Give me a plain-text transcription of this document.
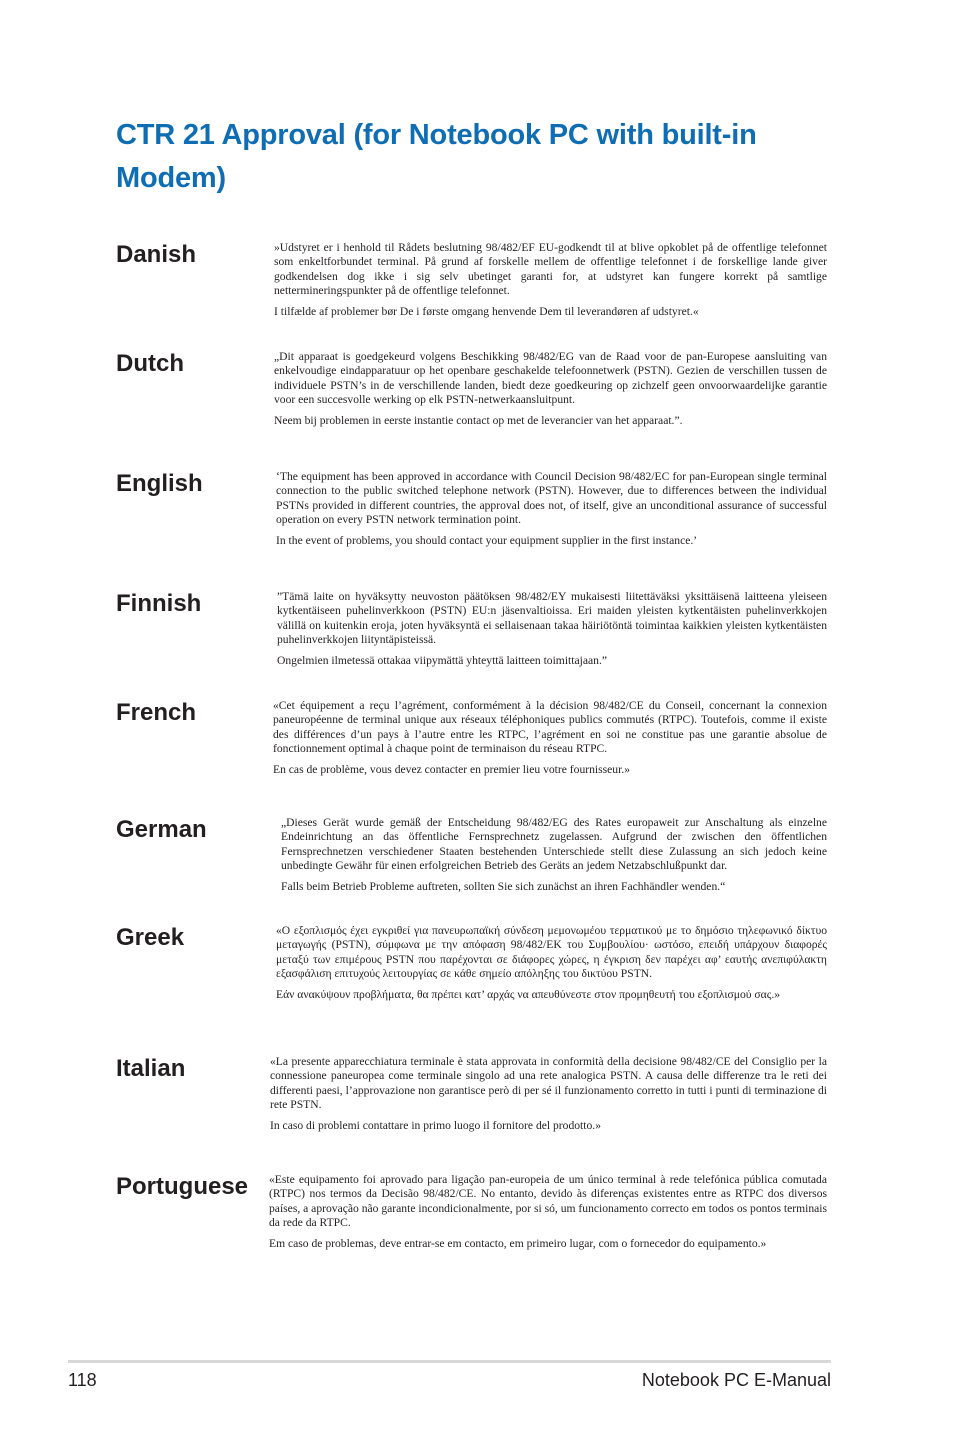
CTR 21 Approval (for Notebook PC with built-in Modem)
Danish	»Udstyret er i henhold til Rådets beslutning 98/482/EF EU-godkendt til at blive opkoblet på de offentlige telefonnet som enkeltforbundet terminal. På grund af forskelle mellem de offentlige telefonnet i de forskellige lande giver godkendelsen dog ikke i sig selv ubetinget garanti for, at udstyret kan fungere korrekt på samtlige nettermineringspunkter på de offentlige telefonnet.

I tilfælde af problemer bør De i første omgang henvende Dem til leverandøren af udstyret.«

Dutch	„Dit apparaat is goedgekeurd volgens Beschikking 98/482/EG van de Raad voor de pan-Europese aansluiting van enkelvoudige eindapparatuur op het openbare geschakelde telefoonnetwerk (PSTN). Gezien de verschillen tussen de individuele PSTN’s in de verschillende landen, biedt deze goedkeuring op zichzelf geen onvoorwaardelijke garantie voor een succesvolle werking op elk PSTN-netwerkaansluitpunt.

Neem bij problemen in eerste instantie contact op met de leverancier van het apparaat.”.

English	‘The equipment has been approved in accordance with Council Decision 98/482/EC for pan-European single terminal connection to the public switched telephone network (PSTN). However, due to differences between the individual PSTNs provided in different countries, the approval does not, of itself, give an unconditional assurance of successful operation on every PSTN network termination point.

In the event of problems, you should contact your equipment supplier in the first instance.’

Finnish	”Tämä laite on hyväksytty neuvoston päätöksen 98/482/EY mukaisesti liitettäväksi yksittäisenä laitteena yleiseen kytkentäiseen puhelinverkkoon (PSTN) EU:n jäsenvaltioissa. Eri maiden yleisten kytkentäisten puhelinverkkojen välillä on kuitenkin eroja, joten hyväksyntä ei sellaisenaan takaa häiriötöntä toimintaa kaikkien yleisten kytkentäisten puhelinverkkojen liityntäpisteissä.

Ongelmien ilmetessä ottakaa viipymättä yhteyttä laitteen toimittajaan.”

French	«Cet équipement a reçu l’agrément, conformément à la décision 98/482/CE du Conseil, concernant la connexion paneuropéenne de terminal unique aux réseaux téléphoniques publics commutés (RTPC). Toutefois, comme il existe des différences d’un pays à l’autre entre les RTPC, l’agrément en soi ne constitue pas une garantie absolue de fonctionnement optimal à chaque point de terminaison du réseau RTPC.

En cas de problème, vous devez contacter en premier lieu votre fournisseur.»

German	„Dieses Gerät wurde gemäß der Entscheidung 98/482/EG des Rates europaweit zur Anschaltung als einzelne Endeinrichtung an das öffentliche Fernsprechnetz zugelassen. Aufgrund der zwischen den öffentlichen Fernsprechnetzen verschiedener Staaten bestehenden Unterschiede stellt diese Zulassung an sich jedoch keine unbedingte Gewähr für einen erfolgreichen Betrieb des Geräts an jedem Netzabschlußpunkt dar.

Falls beim Betrieb Probleme auftreten, sollten Sie sich zunächst an ihren Fachhändler wenden.“

Greek	«Ο εξοπλισμός έχει εγκριθεί για πανευρωπαϊκή σύνδεση μεμονωμέου τερματικού με το δημόσιο τηλεφωνικό δίκτυο μεταγωγής (PSTN), σύμφωνα με την απόφαση 98/482/ΕΚ του Συμβουλίου· ωστόσο, επειδή υπάρχουν διαφορές μεταξύ των επιμέρους PSTN που παρέχονται σε διάφορες χώρες, η έγκριση δεν παρέχει αφ’ εαυτής ανεπιφύλακτη εξασφάλιση επιτυχούς λειτουργίας σε κάθε σημείο απόληξης του δικτύου PSTN.

Εάν ανακύψουν προβλήματα, θα πρέπει κατ’ αρχάς να απευθύνεστε στον προμηθευτή του εξοπλισμού σας.»

Italian	«La presente apparecchiatura terminale è stata approvata in conformità della decisione 98/482/CE del Consiglio per la connessione paneuropea come terminale singolo ad una rete analogica PSTN. A causa delle differenze tra le reti dei differenti paesi, l’approvazione non garantisce però di per sé il funzionamento corretto in tutti i punti di terminazione di rete PSTN.

In caso di problemi contattare in primo luogo il fornitore del prodotto.»

Portuguese «Este equipamento foi aprovado para ligação pan-europeia de um único terminal à rede telefónica pública comutada (RTPC) nos termos da Decisão 98/482/CE. No entanto, devido às diferenças existentes entre as RTPC dos diversos países, a aprovação não garante incondicionalmente, por si só, um funcionamento correcto em todos os pontos terminais da rede da RTPC.

Em caso de problemas, deve entrar-se em contacto, em primeiro lugar, com o fornecedor do equipamento.»

118	Notebook PC E-Manual
